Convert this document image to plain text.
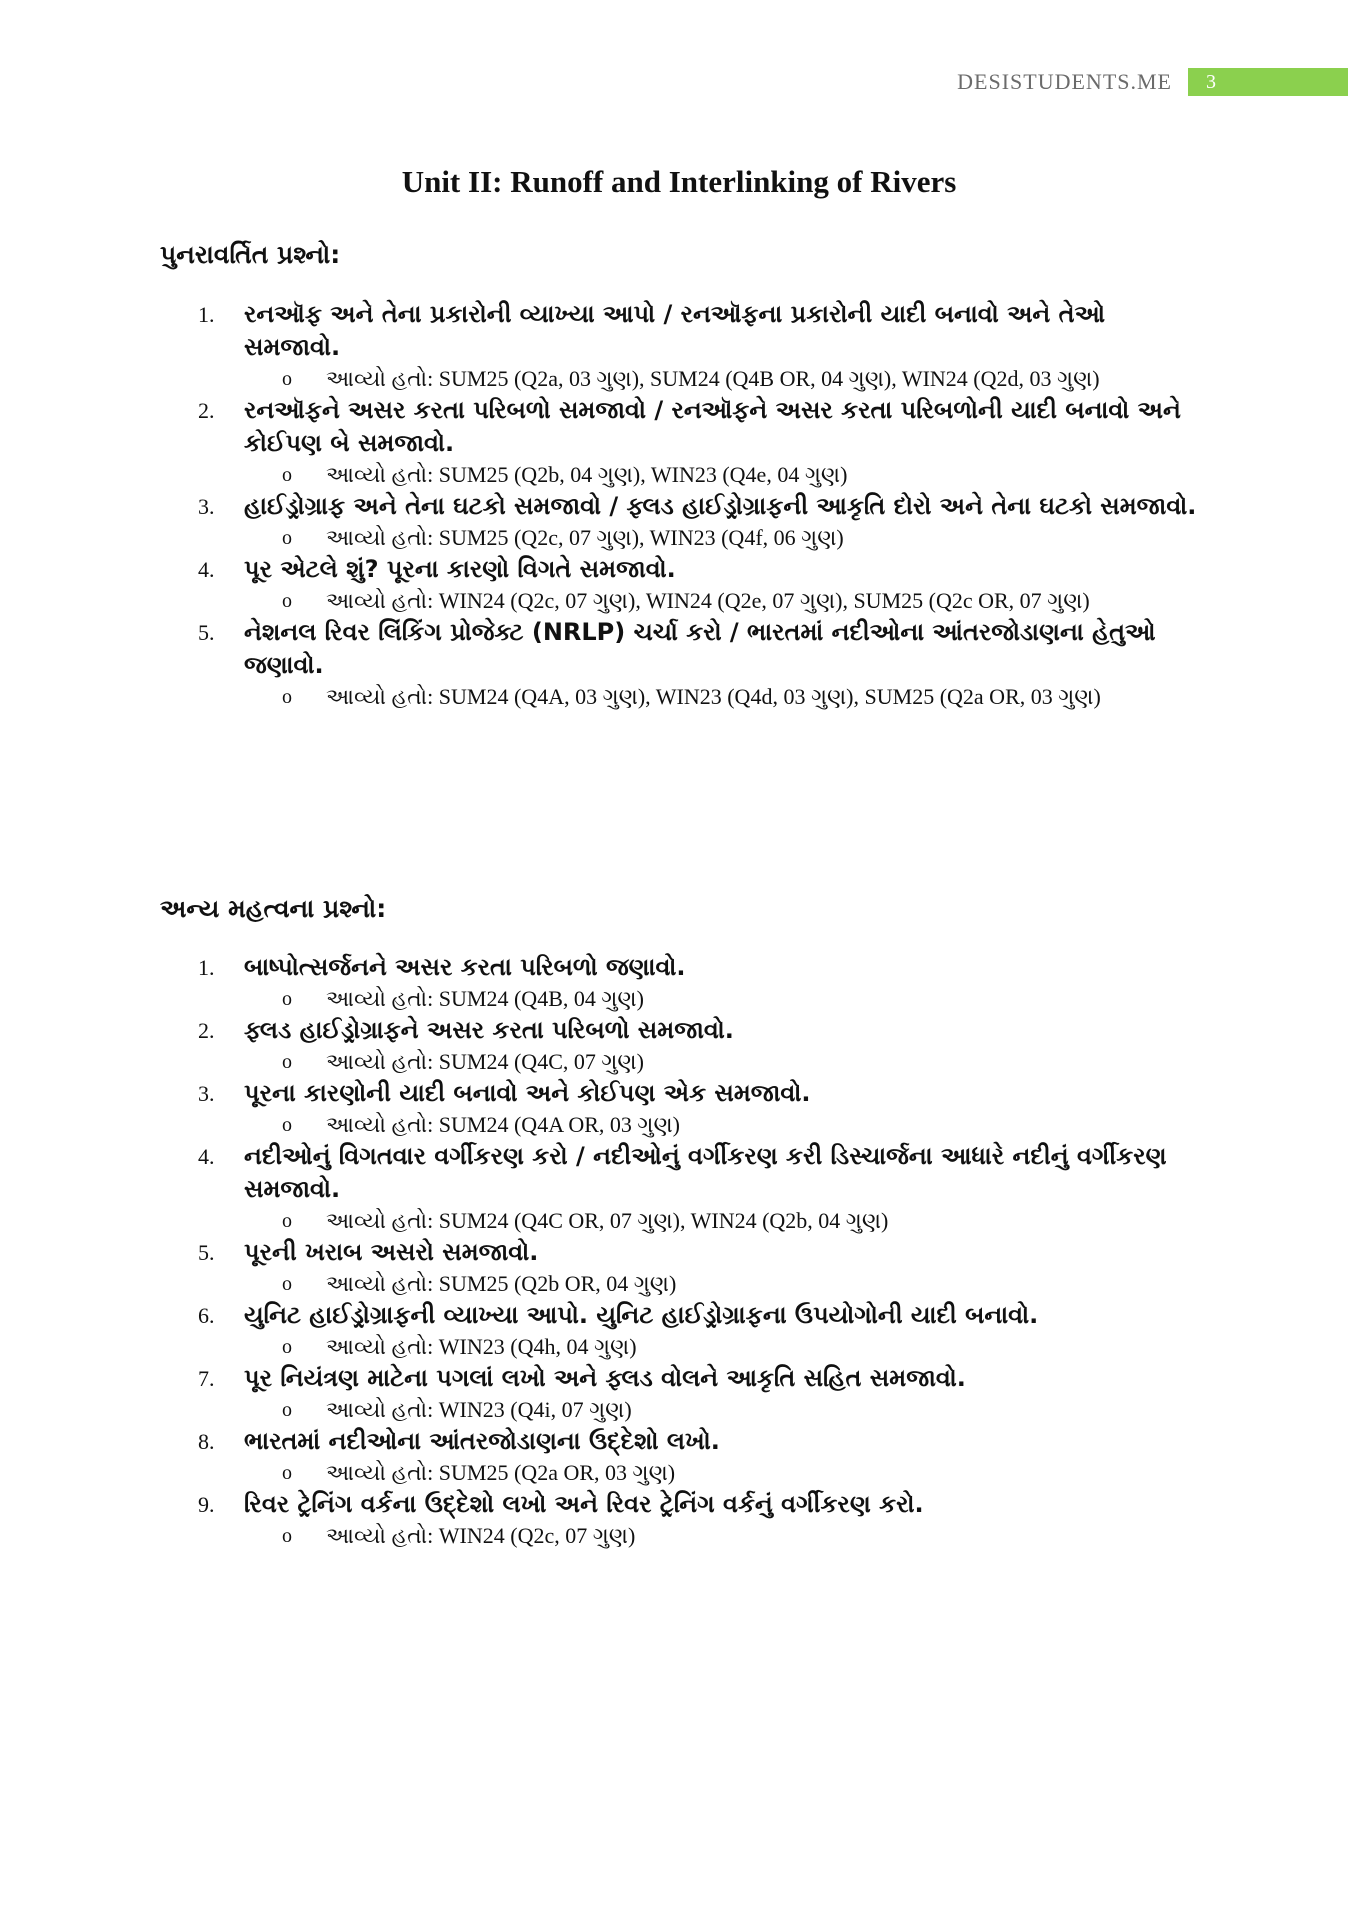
DESISTUDENTS.ME	3
Unit II: Runoff and Interlinking of Rivers
પુનરાવર્તિત પ્રશ્નો:
1. રનઑફ અને તેના પ્રકારોની વ્યાખ્યા આપો / રનઑફના પ્રકારોની યાદી બનાવો અને તેઓ સમજાવો.
o આવ્યો હતો: SUM25 (Q2a, 03 ગુણ), SUM24 (Q4B OR, 04 ગુણ), WIN24 (Q2d, 03 ગુણ)
2. રનઑફને અસર કરતા પરિબળો સમજાવો / રનઑફને અસર કરતા પરિબળોની યાદી બનાવો અને કોઈપણ બે સમજાવો.
o આવ્યો હતો: SUM25 (Q2b, 04 ગુણ), WIN23 (Q4e, 04 ગુણ)
3. હાઈડ્રોગ્રાફ અને તેના ઘટકો સમજાવો / ફ્લડ હાઈડ્રોગ્રાફની આકૃતિ દોરો અને તેના ઘટકો સમજાવો.
o આવ્યો હતો: SUM25 (Q2c, 07 ગુણ), WIN23 (Q4f, 06 ગુણ)
4. પૂર એટલે શું? પૂરના કારણો વિગતે સમજાવો.
o આવ્યો હતો: WIN24 (Q2c, 07 ગુણ), WIN24 (Q2e, 07 ગુણ), SUM25 (Q2c OR, 07 ગુણ)
5. નેશનલ રિવર લિંકિંગ પ્રોજેક્ટ (NRLP) ચર્ચા કરો / ભારતમાં નદીઓના આંતરજોડાણના હેતુઓ જણાવો.
o આવ્યો હતો: SUM24 (Q4A, 03 ગુણ), WIN23 (Q4d, 03 ગુણ), SUM25 (Q2a OR, 03 ગુણ)
અન્ય મહત્વના પ્રશ્નો:
1. બાષ્પોત્સર્જનને અસર કરતા પરિબળો જણાવો.
o આવ્યો હતો: SUM24 (Q4B, 04 ગુણ)
2. ફ્લડ હાઈડ્રોગ્રાફને અસર કરતા પરિબળો સમજાવો.
o આવ્યો હતો: SUM24 (Q4C, 07 ગુણ)
3. પૂરના કારણોની યાદી બનાવો અને કોઈપણ એક સમજાવો.
o આવ્યો હતો: SUM24 (Q4A OR, 03 ગુણ)
4. નદીઓનું વિગતવાર વર્ગીકરણ કરો / નદીઓનું વર્ગીકરણ કરી ડિસ્ચાર્જના આધારે નદીનું વર્ગીકરણ સમજાવો.
o આવ્યો હતો: SUM24 (Q4C OR, 07 ગુણ), WIN24 (Q2b, 04 ગુણ)
5. પૂરની ખરાબ અસરો સમજાવો.
o આવ્યો હતો: SUM25 (Q2b OR, 04 ગુણ)
6. યુનિટ હાઈડ્રોગ્રાફની વ્યાખ્યા આપો. યુનિટ હાઈડ્રોગ્રાફના ઉપયોગોની યાદી બનાવો.
o આવ્યો હતો: WIN23 (Q4h, 04 ગુણ)
7. પૂર નિયંત્રણ માટેના પગલાં લખો અને ફ્લડ વોલને આકૃતિ સહિત સમજાવો.
o આવ્યો હતો: WIN23 (Q4i, 07 ગુણ)
8. ભારતમાં નદીઓના આંતરજોડાણના ઉદ્દેશો લખો.
o આવ્યો હતો: SUM25 (Q2a OR, 03 ગુણ)
9. રિવર ટ્રેનિંગ વર્કના ઉદ્દેશો લખો અને રિવર ટ્રેનિંગ વર્કનું વર્ગીકરણ કરો.
o આવ્યો હતો: WIN24 (Q2c, 07 ગુણ)
